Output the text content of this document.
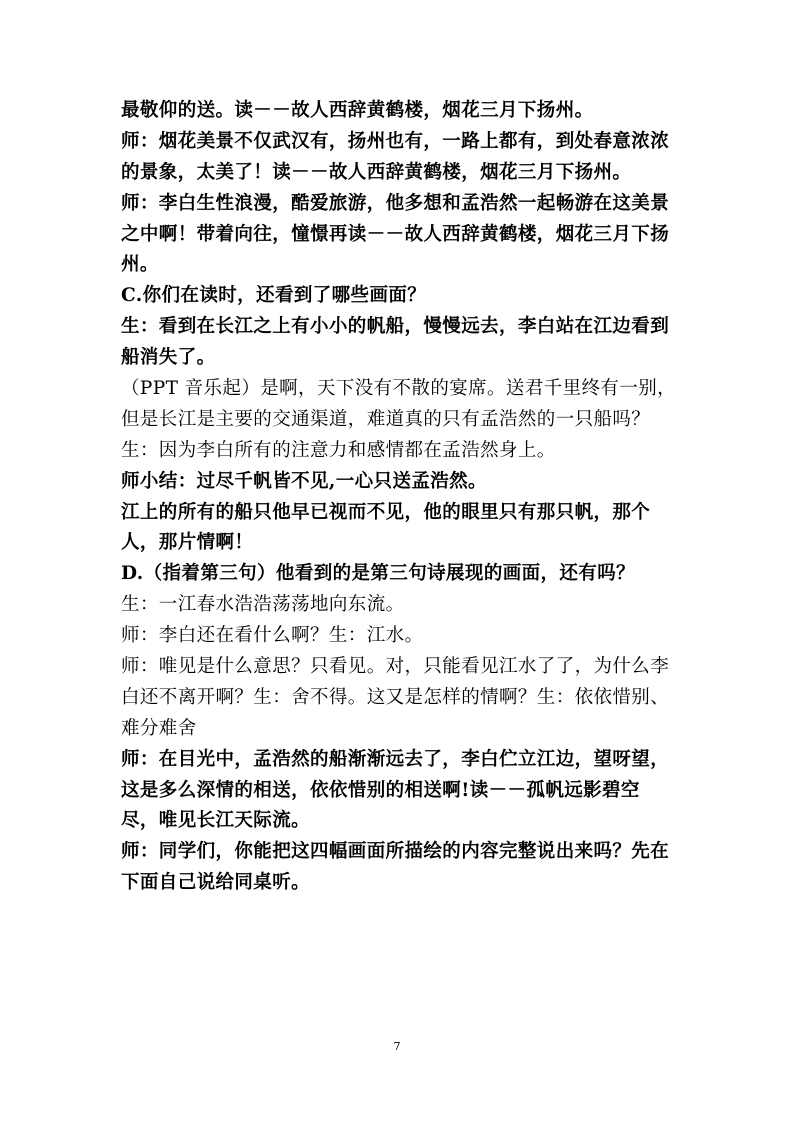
最敬仰的送。读－－故人西辞黄鹤楼，烟花三月下扬州。
师：烟花美景不仅武汉有，扬州也有，一路上都有，到处春意浓浓
的景象，太美了！读－－故人西辞黄鹤楼，烟花三月下扬州。
师：李白生性浪漫，酷爱旅游，他多想和孟浩然一起畅游在这美景
之中啊！带着向往，憧憬再读－－故人西辞黄鹤楼，烟花三月下扬
州。
C.你们在读时，还看到了哪些画面？
生：看到在长江之上有小小的帆船，慢慢远去，李白站在江边看到
船消失了。
（PPT 音乐起）是啊，天下没有不散的宴席。送君千里终有一别，
但是长江是主要的交通渠道，难道真的只有孟浩然的一只船吗？
生：因为李白所有的注意力和感情都在孟浩然身上。
师小结：过尽千帆皆不见,一心只送孟浩然。
江上的所有的船只他早已视而不见，他的眼里只有那只帆，那个
人，那片情啊！
D.（指着第三句）他看到的是第三句诗展现的画面，还有吗？
生：一江春水浩浩荡荡地向东流。
师：李白还在看什么啊？生：江水。
师：唯见是什么意思？只看见。对，只能看见江水了了，为什么李
白还不离开啊？生：舍不得。这又是怎样的情啊？生：依依惜别、
难分难舍
师：在目光中，孟浩然的船渐渐远去了，李白伫立江边，望呀望，
这是多么深情的相送，依依惜别的相送啊!读－－孤帆远影碧空
尽，唯见长江天际流。
师：同学们，你能把这四幅画面所描绘的内容完整说出来吗？先在
下面自己说给同桌听。
7
